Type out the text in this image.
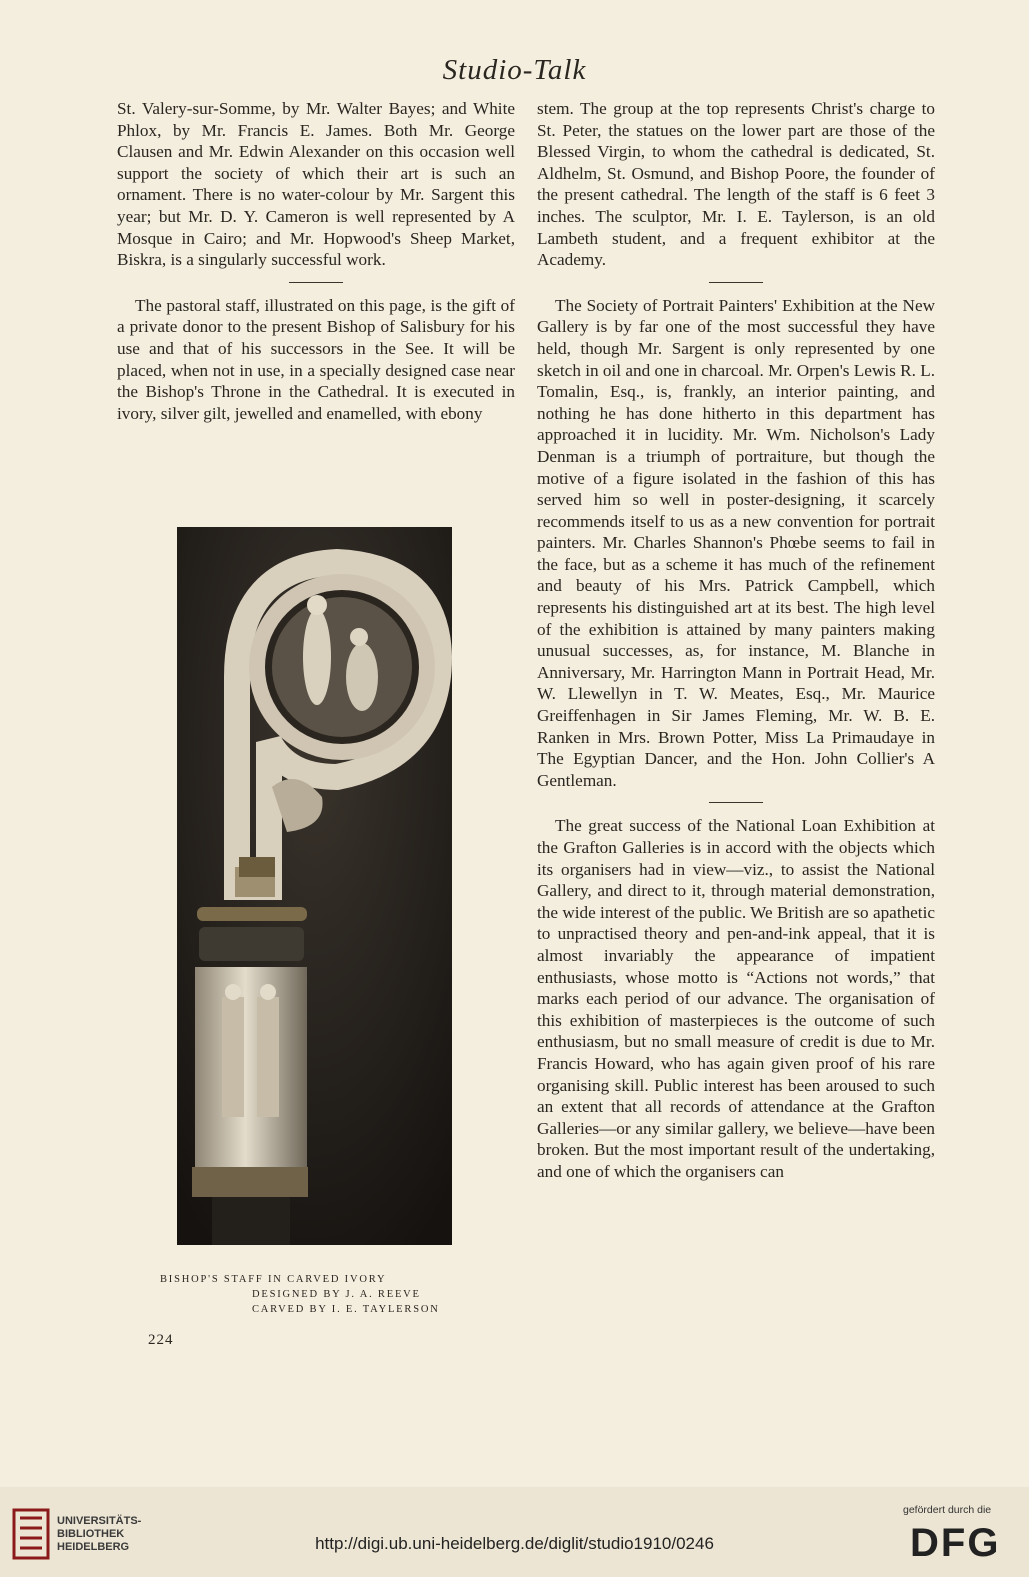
Studio-Talk

St. Valery-sur-Somme, by Mr. Walter Bayes; and White Phlox, by Mr. Francis E. James. Both Mr. George Clausen and Mr. Edwin Alexander on this occasion well support the society of which their art is such an ornament. There is no water-colour by Mr. Sargent this year; but Mr. D. Y. Cameron is well represented by A Mosque in Cairo; and Mr. Hopwood's Sheep Market, Biskra, is a singularly successful work.

The pastoral staff, illustrated on this page, is the gift of a private donor to the present Bishop of Salisbury for his use and that of his successors in the See. It will be placed, when not in use, in a specially designed case near the Bishop's Throne in the Cathedral. It is executed in ivory, silver gilt, jewelled and enamelled, with ebony

BISHOP'S STAFF IN CARVED IVORY
DESIGNED BY J. A. REEVE
CARVED BY I. E. TAYLERSON
224

stem. The group at the top represents Christ's charge to St. Peter, the statues on the lower part are those of the Blessed Virgin, to whom the cathedral is dedicated, St. Aldhelm, St. Osmund, and Bishop Poore, the founder of the present cathedral. The length of the staff is 6 feet 3 inches. The sculptor, Mr. I. E. Taylerson, is an old Lambeth student, and a frequent exhibitor at the Academy.

The Society of Portrait Painters' Exhibition at the New Gallery is by far one of the most successful they have held, though Mr. Sargent is only represented by one sketch in oil and one in charcoal. Mr. Orpen's Lewis R. L. Tomalin, Esq., is, frankly, an interior painting, and nothing he has done hitherto in this department has approached it in lucidity. Mr. Wm. Nicholson's Lady Denman is a triumph of portraiture, but though the motive of a figure isolated in the fashion of this has served him so well in poster-designing, it scarcely recommends itself to us as a new convention for portrait painters. Mr. Charles Shannon's Phœbe seems to fail in the face, but as a scheme it has much of the refinement and beauty of his Mrs. Patrick Campbell, which represents his distinguished art at its best. The high level of the exhibition is attained by many painters making unusual successes, as, for instance, M. Blanche in Anniversary, Mr. Harrington Mann in Portrait Head, Mr. W. Llewellyn in T. W. Meates, Esq., Mr. Maurice Greiffenhagen in Sir James Fleming, Mr. W. B. E. Ranken in Mrs. Brown Potter, Miss La Primaudaye in The Egyptian Dancer, and the Hon. John Collier's A Gentleman.

The great success of the National Loan Exhibition at the Grafton Galleries is in accord with the objects which its organisers had in view—viz., to assist the National Gallery, and direct to it, through material demonstration, the wide interest of the public. We British are so apathetic to unpractised theory and pen-and-ink appeal, that it is almost invariably the appearance of impatient enthusiasts, whose motto is “Actions not words,” that marks each period of our advance. The organisation of this exhibition of masterpieces is the outcome of such enthusiasm, but no small measure of credit is due to Mr. Francis Howard, who has again given proof of his rare organising skill. Public interest has been aroused to such an extent that all records of attendance at the Grafton Galleries—or any similar gallery, we believe—have been broken. But the most important result of the undertaking, and one of which the organisers can

UNIVERSITÄTS-
BIBLIOTHEK
HEIDELBERG	http://digi.ub.uni-heidelberg.de/diglit/studio1910/0246
gefördert durch die
DFG
